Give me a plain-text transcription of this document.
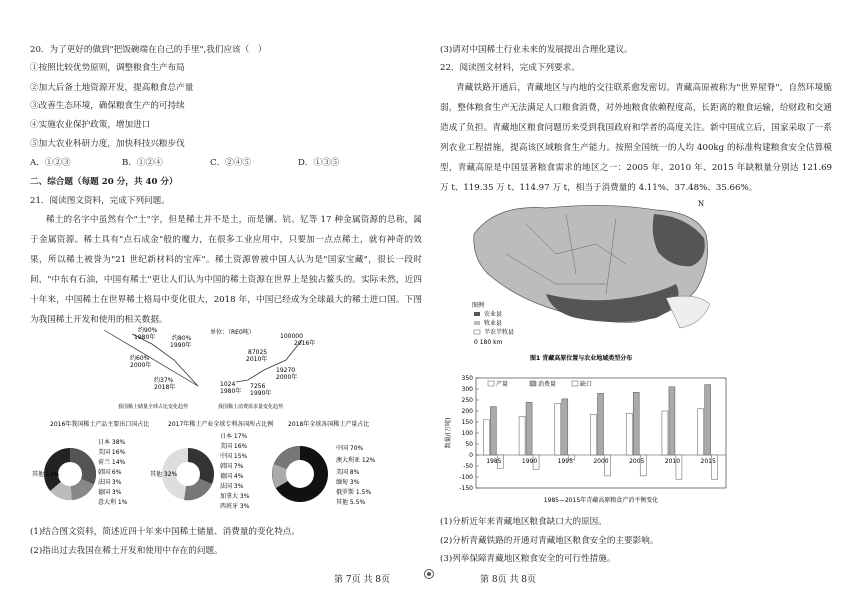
20．为了更好的做到"把饭碗端在自己的手里",我们应该（　）

①按照比较优势原则，调整粮食生产布局

②加大后备土地资源开发，提高粮食总产量

③改善生态环境，确保粮食生产的可持续

④实施农业保护政策，增加进口

⑤加大农业科研力度，加快科技兴粮步伐

A．①②③	B．①②④	C．②④⑤	D．①③⑤

二、综合题（每题 20 分，共 40 分）

21．阅读图文资料，完成下列问题。

稀土的名字中虽然有个"土"字，但是稀土并不是土，而是镧、钪、钇等 17 种金属资源的总称，属于金属资源。稀土具有"点石成金"般的魔力，在很多工业应用中，只要加一点点稀土，就有神奇的效果，所以稀土被誉为"21 世纪新材料的宝库"。稀土资源曾被中国人认为是"国家宝藏"，很长一段时间，"中东有石油，中国有稀土"更让人们认为中国的稀土资源在世界上是独占鳌头的。实际未然，近四十年来，中国稀土在世界稀土格局中变化很大，2018 年，中国已经成为全球最大的稀土进口国。下图为我国稀土开发和使用的相关数据。

约90%
1980年	约80%
1990年
约60%
2000年
约37%
2018年
我国稀土储量全球占比变化趋势
单位：（RE0吨）
100000
2016年
87025
2010年
19270
2000年
1024
1980年
7256
1990年
我国稀土消费需求量变化趋势
2016年我国稀土产品主要出口国占比
其他 14%
日本 38%
美国 16%
荷兰 14%
韩国 6%
法国 3%
德国 3%
意大利 1%
2017年稀土产业全球专利各国所占比例
其他 32%
日本 17%
美国 16%
中国 15%
韩国 7%
德国 4%
法国 3%
加拿大 3%
西班牙 3%
2018年全球各国稀土产量占比
中国 70%
澳大利亚 12%
美国 8%
缅甸 3%
俄罗斯 1.5%
其他 5.5%

(1)结合图文资料，简述近四十年来中国稀土储量、消费量的变化特点。

(2)指出过去我国在稀土开发和使用中存在的问题。

第 7页 共 8页

(3)请对中国稀土行业未来的发展提出合理化建议。

22．阅读图文材料，完成下列要求。

青藏铁路开通后，青藏地区与内地的交往联系愈发密切。青藏高原被称为"世界屋脊"，自然环境脆弱，整体粮食生产无法满足人口粮食消费，对外地粮食依赖程度高，长距离的粮食运输，给财政和交通造成了负担。青藏地区粮食问题历来受到我国政府和学者的高度关注。新中国成立后，国家采取了一系列农业工程措施，提高该区域粮食生产能力。按照全国统一的人均 400kg 的标准构建粮食安全估算模型，青藏高原是中国显著粮食需求的地区之一：2005 年、2010 年、2015 年缺粮量分别达 121.69 万 t、119.35 万 t、114.97 万 t，相当于消费量的 4.11%、37.48%、35.66%。

N
图例
农业县
牧业县
半农半牧县
0 180 km
图1 青藏高原位置与农业地域类型分布
350
300
250
200
150
100
50
0
-50
-100
-150
数量/(万吨)
1985	1990	1995	2000	2005	2010	2015
产量	消费量	缺口
1985—2015年青藏高原粮食产消平衡变化

(1)分析近年来青藏地区粮食缺口大的原因。

(2)分析青藏铁路的开通对青藏地区粮食安全的主要影响。

(3)列举保障青藏地区粮食安全的可行性措施。

第 8页 共 8页
